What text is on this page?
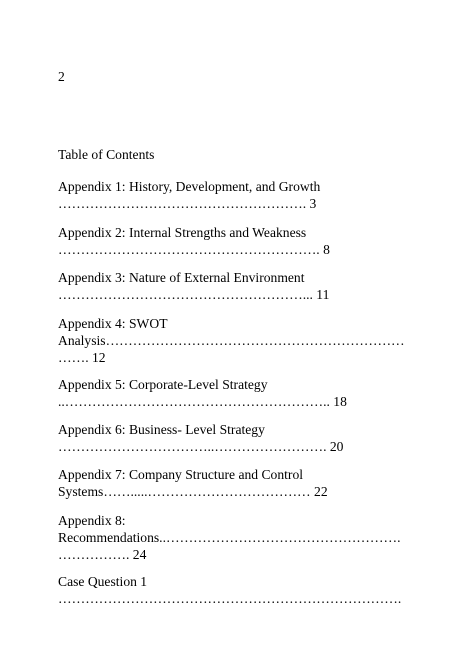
2
Table of Contents
Appendix 1: History, Development, and Growth
………………………………………………. 3
Appendix 2: Internal Strengths and Weakness
…………………………………………………. 8
Appendix 3: Nature of External Environment
………………………………………………... 11
Appendix 4: SWOT
Analysis…………………………………………………………
……. 12
Appendix 5: Corporate-Level Strategy
..………………………………………………….. 18
Appendix 6: Business- Level Strategy
……………………………..……………………. 20
Appendix 7: Company Structure and Control
Systems…….....……………………………… 22
Appendix 8:
Recommendations..…………………………………………….
……………. 24
Case Question 1
………………………………………………………………….
